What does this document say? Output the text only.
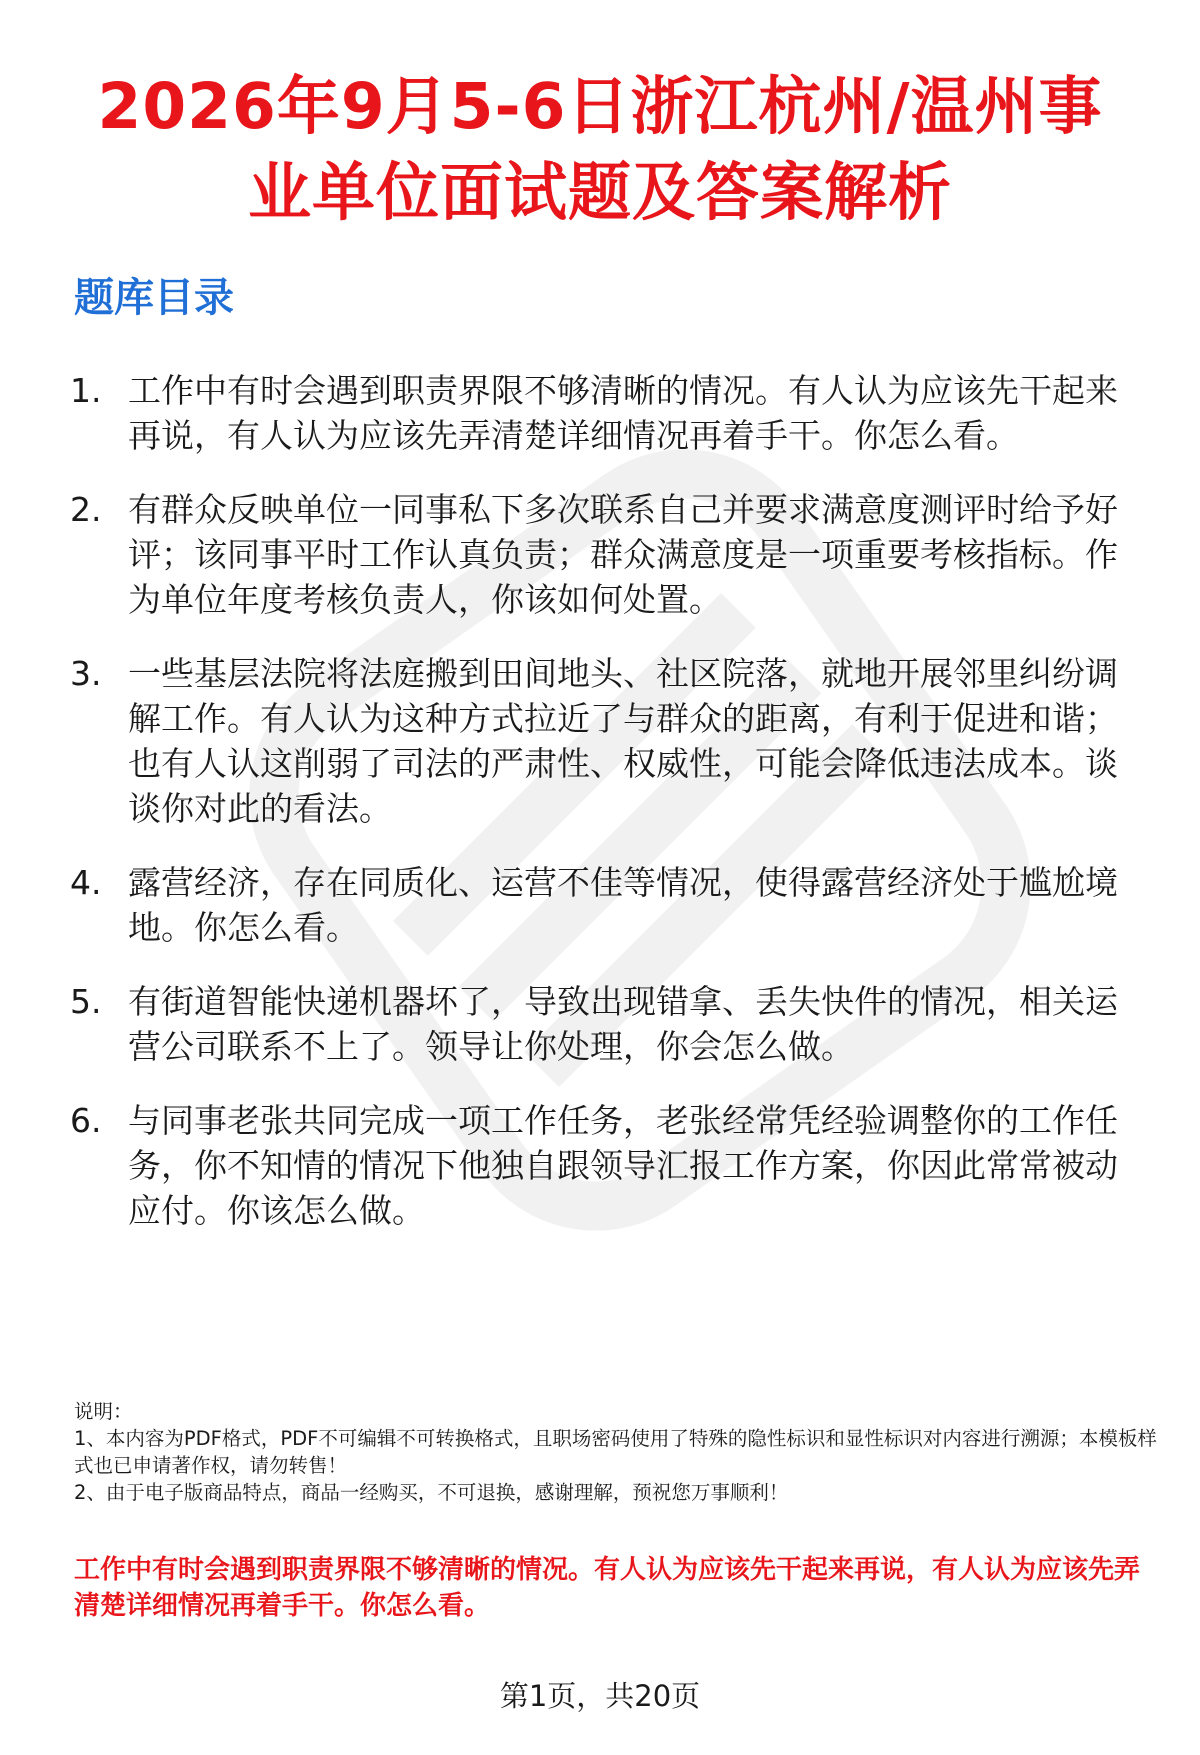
2026年9月5-6日浙江杭州/温州事
业单位面试题及答案解析
题库目录
1. 工作中有时会遇到职责界限不够清晰的情况。有人认为应该先干起来再说，有人认为应该先弄清楚详细情况再着手干。你怎么看。
2. 有群众反映单位一同事私下多次联系自己并要求满意度测评时给予好评；该同事平时工作认真负责；群众满意度是一项重要考核指标。作为单位年度考核负责人，你该如何处置。
3. 一些基层法院将法庭搬到田间地头、社区院落，就地开展邻里纠纷调解工作。有人认为这种方式拉近了与群众的距离，有利于促进和谐；也有人认这削弱了司法的严肃性、权威性，可能会降低违法成本。谈谈你对此的看法。
4. 露营经济，存在同质化、运营不佳等情况，使得露营经济处于尴尬境地。你怎么看。
5. 有街道智能快递机器坏了，导致出现错拿、丢失快件的情况，相关运营公司联系不上了。领导让你处理，你会怎么做。
6. 与同事老张共同完成一项工作任务，老张经常凭经验调整你的工作任务，你不知情的情况下他独自跟领导汇报工作方案，你因此常常被动应付。你该怎么做。

说明：

1、本内容为PDF格式，PDF不可编辑不可转换格式，且职场密码使用了特殊的隐性标识和显性标识对内容进行溯源；本模板样式也已申请著作权，请勿转售！

2、由于电子版商品特点，商品一经购买，不可退换，感谢理解，预祝您万事顺利！

工作中有时会遇到职责界限不够清晰的情况。有人认为应该先干起来再说，有人认为应该先弄清楚详细情况再着手干。你怎么看。

第1页，共20页
